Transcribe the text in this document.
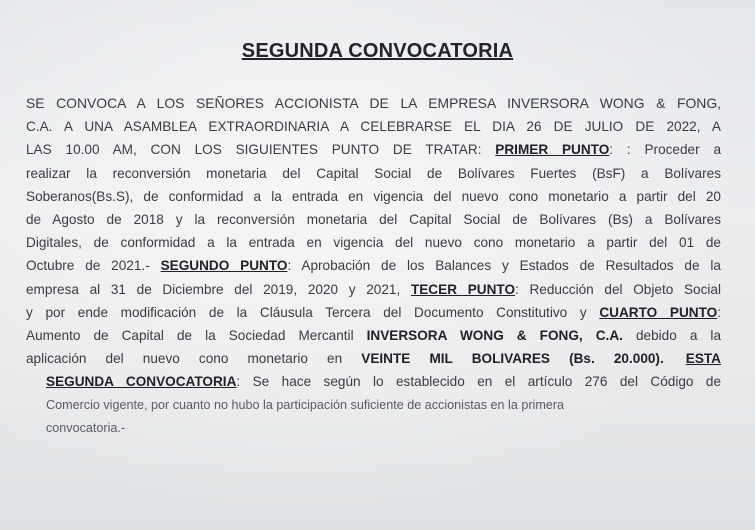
SEGUNDA CONVOCATORIA
SE CONVOCA A LOS SEÑORES ACCIONISTA DE LA EMPRESA INVERSORA WONG & FONG,
C.A. A UNA ASAMBLEA EXTRAORDINARIA A CELEBRARSE EL DIA 26 DE JULIO DE 2022, A
LAS 10.00 AM, CON LOS SIGUIENTES PUNTO DE TRATAR: PRIMER PUNTO: : Proceder a
realizar la reconversión monetaria del Capital Social de Bolívares Fuertes (BsF) a Bolívares
Soberanos(Bs.S), de conformidad a la entrada en vigencia del nuevo cono monetario a partir del 20
de Agosto de 2018 y la reconversión monetaria del Capital Social de Bolívares (Bs) a Bolívares
Digitales, de conformidad a la entrada en vigencia del nuevo cono monetario a partir del 01 de
Octubre de 2021.- SEGUNDO PUNTO: Aprobación de los Balances y Estados de Resultados de la
empresa al 31 de Diciembre del 2019, 2020 y 2021, TECER PUNTO: Reducción del Objeto Social
y por ende modificación de la Cláusula Tercera del Documento Constitutivo y CUARTO PUNTO:
Aumento de Capital de la Sociedad Mercantil INVERSORA WONG & FONG, C.A. debido a la
aplicación del nuevo cono monetario en VEINTE MIL BOLIVARES (Bs. 20.000). ESTA
SEGUNDA CONVOCATORIA: Se hace según lo establecido en el artículo 276 del Código de
Comercio vigente, por cuanto no hubo la participación suficiente de accionistas en la primera
convocatoria.-
